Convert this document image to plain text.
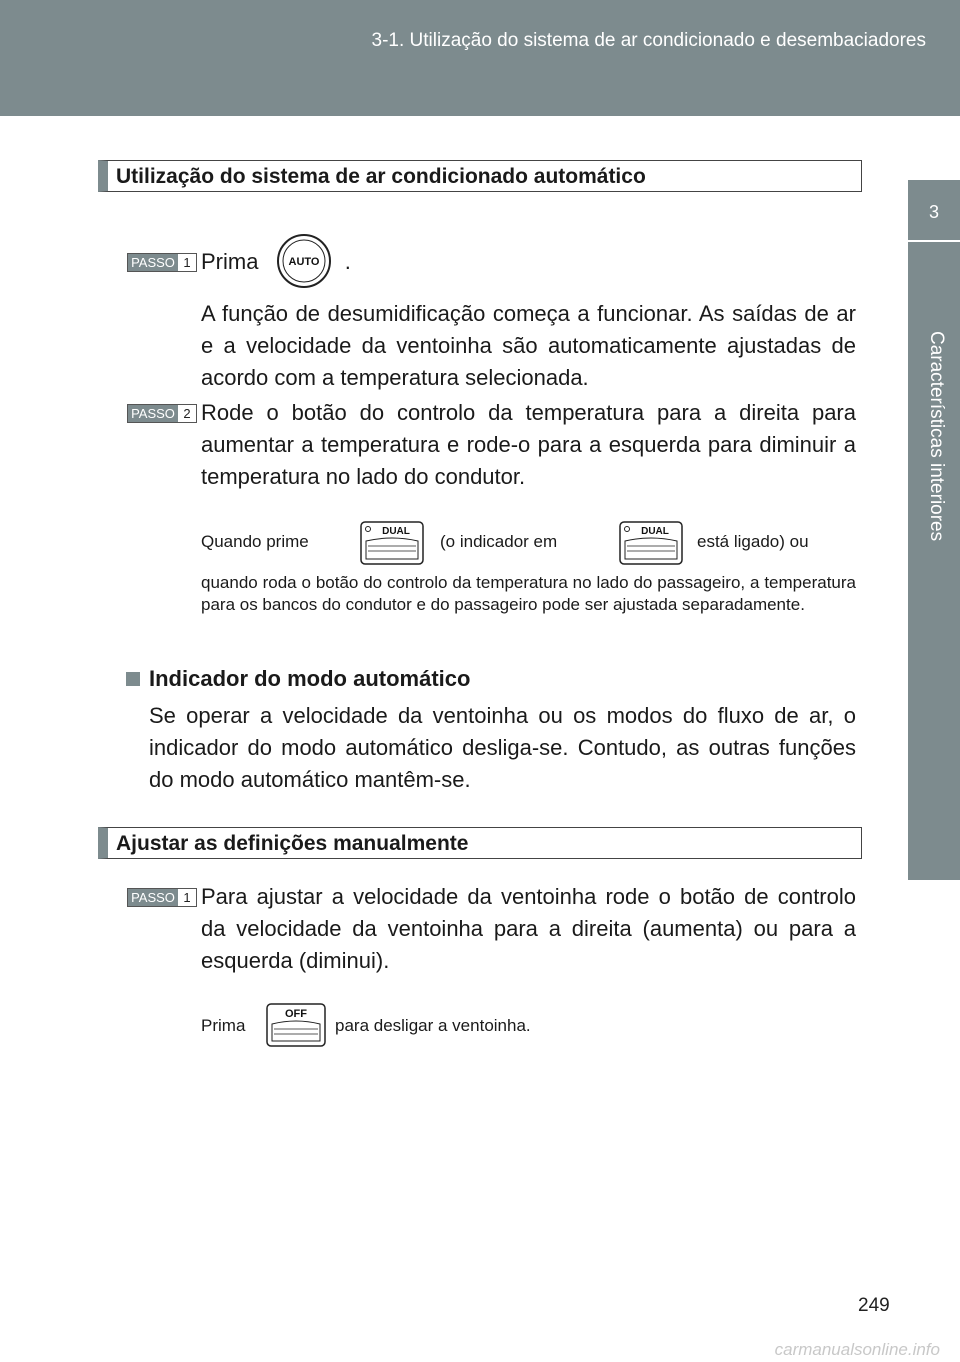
3-1. Utilização do sistema de ar condicionado e desembaciadores
3
Características interiores
Utilização do sistema de ar condicionado automático
PASSO 1 Prima	AUTO .
A função de desumidificação começa a funcionar. As saídas de ar e a velocidade da ventoinha são automaticamente ajustadas de acordo com a temperatura selecionada.
PASSO 2 Rode o botão do controlo da temperatura para a direita para aumentar a temperatura e rode-o para a esquerda para diminuir a temperatura no lado do condutor.
Quando prime
DUAL
(o indicador em
DUAL
está ligado) ou
quando roda o botão do controlo da temperatura no lado do passageiro, a temperatura para os bancos do condutor e do passageiro pode ser ajustada separadamente.
Indicador do modo automático
Se operar a velocidade da ventoinha ou os modos do fluxo de ar, o indicador do modo automático desliga-se. Contudo, as outras funções do modo automático mantêm-se.
Ajustar as definições manualmente
PASSO 1 Para ajustar a velocidade da ventoinha rode o botão de controlo da velocidade da ventoinha para a direita (aumenta) ou para a esquerda (diminui).
Prima
OFF
para desligar a ventoinha.
249
carmanualsonline.info
